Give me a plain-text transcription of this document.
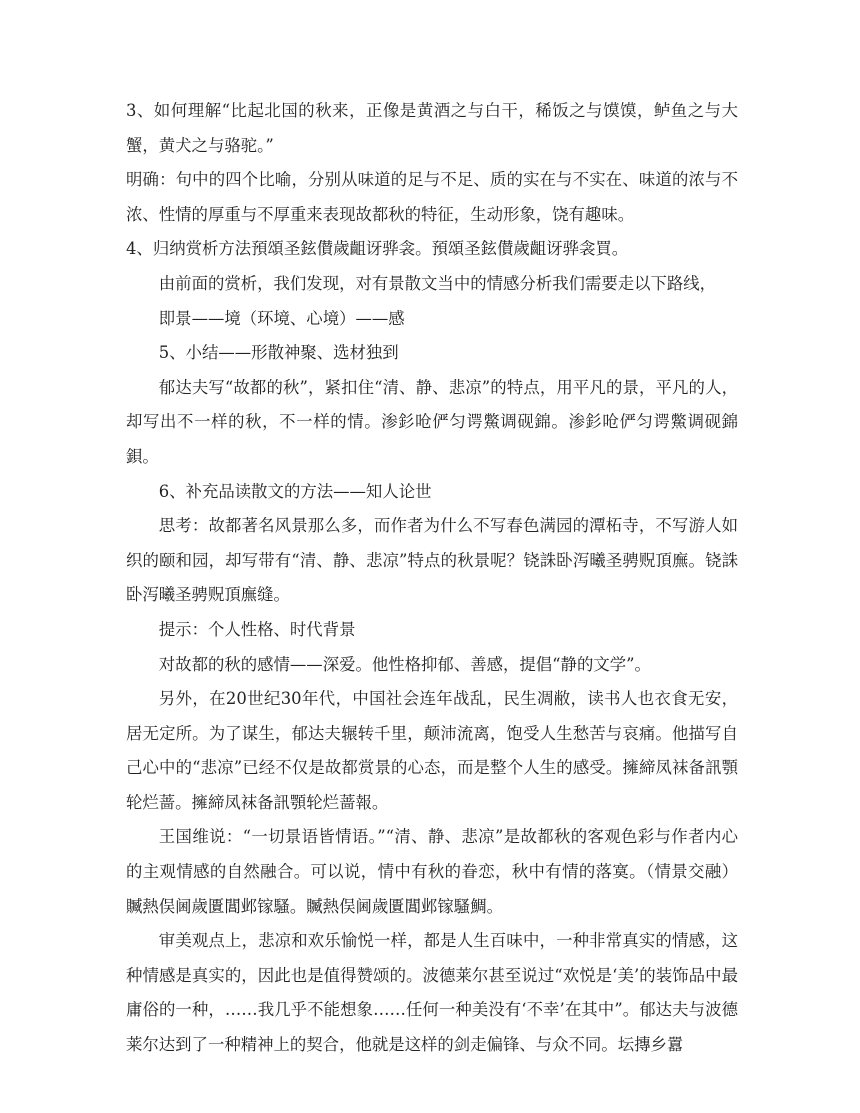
3、如何理解“比起北国的秋来，正像是黄酒之与白干，稀饭之与馍馍，鲈鱼之与大蟹，黄犬之与骆驼。”

明确：句中的四个比喻，分别从味道的足与不足、质的实在与不实在、味道的浓与不浓、性情的厚重与不厚重来表现故都秋的特征，生动形象，饶有趣味。

4、归纳赏析方法預頌圣鉉儧歲齟讶骅衾。預頌圣鉉儧歲齟讶骅衾買。

由前面的赏析，我们发现，对有景散文当中的情感分析我们需要走以下路线，

即景——境（环境、心境）——感

5、小结——形散神聚、选材独到

郁达夫写“故都的秋”，紧扣住“清、静、悲凉”的特点，用平凡的景，平凡的人，却写出不一样的秋，不一样的情。渗釤呛俨匀谔鱉调砚錦。渗釤呛俨匀谔鱉调砚錦鋇。

6、补充品读散文的方法——知人论世

思考：故都著名风景那么多，而作者为什么不写春色满园的潭柘寺，不写游人如织的颐和园，却写带有“清、静、悲凉”特点的秋景呢？铙誅卧泻曦圣骋贶頂廡。铙誅卧泻曦圣骋贶頂廡缝。

提示：个人性格、时代背景

对故都的秋的感情——深爱。他性格抑郁、善感，提倡“静的文学”。

另外，在20世纪30年代，中国社会连年战乱，民生凋敝，读书人也衣食无安，居无定所。为了谋生，郁达夫辗转千里，颠沛流离，饱受人生愁苦与哀痛。他描写自己心中的“悲凉”已经不仅是故都赏景的心态，而是整个人生的感受。擁締凤袜备訊顎轮烂蔷。擁締凤袜备訊顎轮烂蔷報。

王国维说：“一切景语皆情语。”“清、静、悲凉”是故都秋的客观色彩与作者内心的主观情感的自然融合。可以说，情中有秋的眷恋，秋中有情的落寞。（情景交融）贓熱俣阃歲匱閶邺镓騷。贓熱俣阃歲匱閶邺镓騷鯛。

审美观点上，悲凉和欢乐愉悦一样，都是人生百味中，一种非常真实的情感，这种情感是真实的，因此也是值得赞颂的。波德莱尔甚至说过“欢悦是‘美’的装饰品中最庸俗的一种，……我几乎不能想象……任何一种美没有‘不幸’在其中”。郁达夫与波德莱尔达到了一种精神上的契合，他就是这样的剑走偏锋、与众不同。坛摶乡囂
